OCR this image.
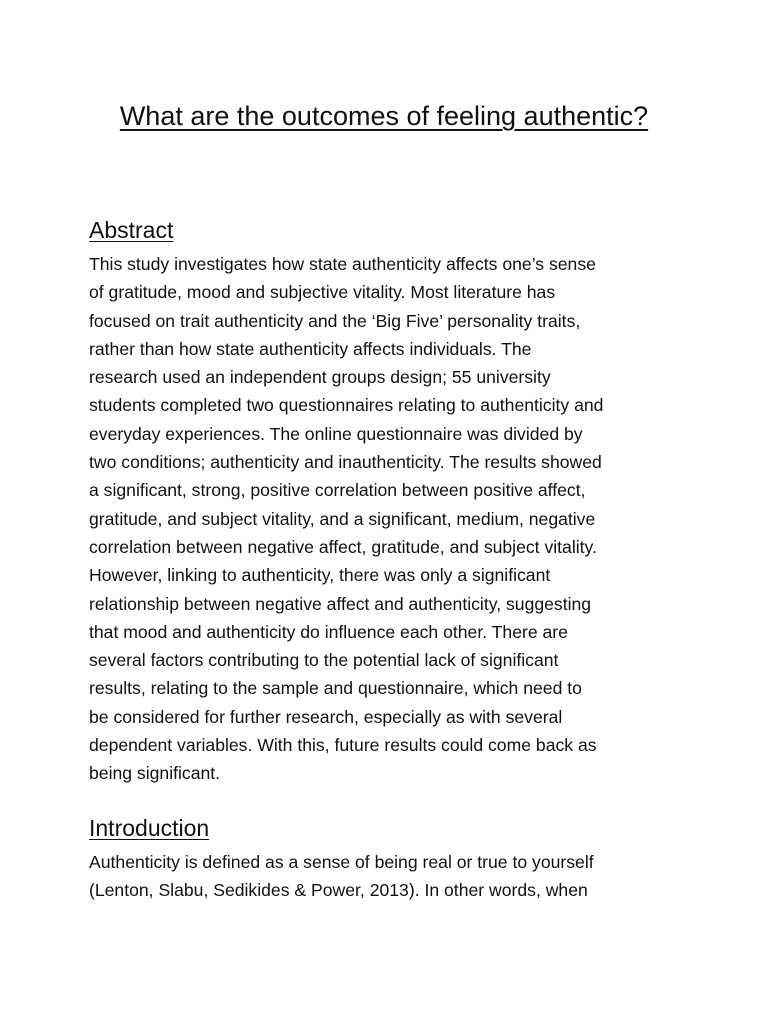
What are the outcomes of feeling authentic?
Abstract

This study investigates how state authenticity affects one’s sense
of gratitude, mood and subjective vitality. Most literature has
focused on trait authenticity and the ‘Big Five’ personality traits,
rather than how state authenticity affects individuals. The
research used an independent groups design; 55 university
students completed two questionnaires relating to authenticity and
everyday experiences. The online questionnaire was divided by
two conditions; authenticity and inauthenticity. The results showed
a significant, strong, positive correlation between positive affect,
gratitude, and subject vitality, and a significant, medium, negative
correlation between negative affect, gratitude, and subject vitality.
However, linking to authenticity, there was only a significant
relationship between negative affect and authenticity, suggesting
that mood and authenticity do influence each other. There are
several factors contributing to the potential lack of significant
results, relating to the sample and questionnaire, which need to
be considered for further research, especially as with several
dependent variables. With this, future results could come back as
being significant.

Introduction

Authenticity is defined as a sense of being real or true to yourself
(Lenton, Slabu, Sedikides & Power, 2013). In other words, when
